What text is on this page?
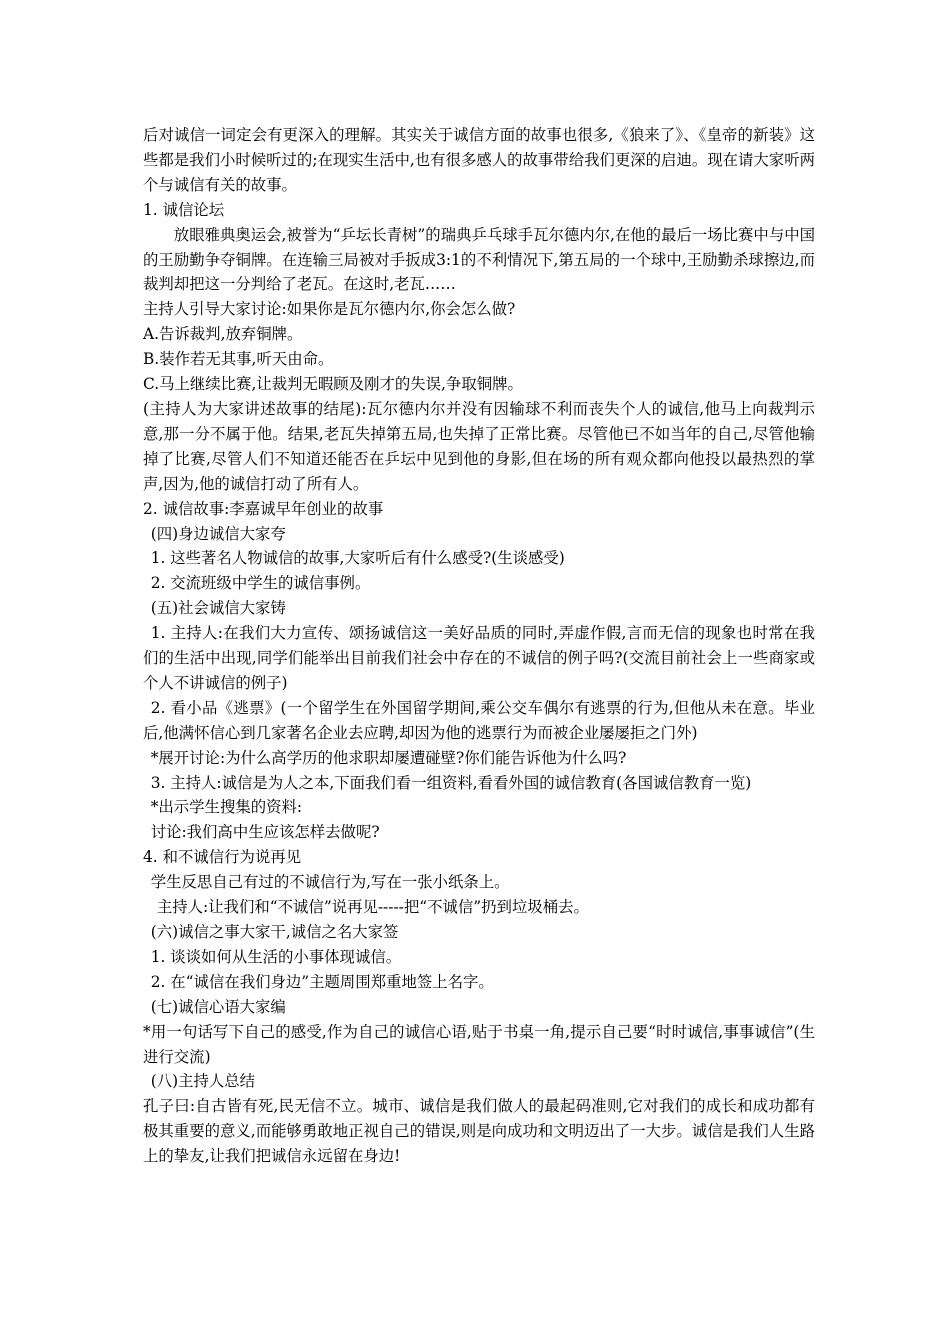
后对诚信一词定会有更深入的理解。其实关于诚信方面的故事也很多,《狼来了》、《皇帝的新装》这些都是我们小时候听过的;在现实生活中,也有很多感人的故事带给我们更深的启迪。现在请大家听两个与诚信有关的故事。

1. 诚信论坛

放眼雅典奥运会,被誉为“乒坛长青树”的瑞典乒乓球手瓦尔德内尔,在他的最后一场比赛中与中国的王励勤争夺铜牌。在连输三局被对手扳成3:1的不利情况下,第五局的一个球中,王励勤杀球擦边,而裁判却把这一分判给了老瓦。在这时,老瓦……

主持人引导大家讨论:如果你是瓦尔德内尔,你会怎么做?

A.告诉裁判,放弃铜牌。

B.装作若无其事,听天由命。

C.马上继续比赛,让裁判无暇顾及刚才的失误,争取铜牌。

(主持人为大家讲述故事的结尾):瓦尔德内尔并没有因输球不利而丧失个人的诚信,他马上向裁判示意,那一分不属于他。结果,老瓦失掉第五局,也失掉了正常比赛。尽管他已不如当年的自己,尽管他输掉了比赛,尽管人们不知道还能否在乒坛中见到他的身影,但在场的所有观众都向他投以最热烈的掌声,因为,他的诚信打动了所有人。

2. 诚信故事:李嘉诚早年创业的故事

(四)身边诚信大家夸

1. 这些著名人物诚信的故事,大家听后有什么感受?(生谈感受)

2. 交流班级中学生的诚信事例。

(五)社会诚信大家铸

1. 主持人:在我们大力宣传、颂扬诚信这一美好品质的同时,弄虚作假,言而无信的现象也时常在我们的生活中出现,同学们能举出目前我们社会中存在的不诚信的例子吗?(交流目前社会上一些商家或个人不讲诚信的例子)

2. 看小品《逃票》(一个留学生在外国留学期间,乘公交车偶尔有逃票的行为,但他从未在意。毕业后,他满怀信心到几家著名企业去应聘,却因为他的逃票行为而被企业屡屡拒之门外)

*展开讨论:为什么高学历的他求职却屡遭碰壁?你们能告诉他为什么吗?

3. 主持人:诚信是为人之本,下面我们看一组资料,看看外国的诚信教育(各国诚信教育一览)

*出示学生搜集的资料:

讨论:我们高中生应该怎样去做呢?

4. 和不诚信行为说再见

学生反思自己有过的不诚信行为,写在一张小纸条上。

主持人:让我们和“不诚信”说再见-----把“不诚信”扔到垃圾桶去。

(六)诚信之事大家干,诚信之名大家签

1. 谈谈如何从生活的小事体现诚信。

2. 在“诚信在我们身边”主题周围郑重地签上名字。

(七)诚信心语大家编

*用一句话写下自己的感受,作为自己的诚信心语,贴于书桌一角,提示自己要“时时诚信,事事诚信”(生进行交流)

(八)主持人总结

孔子曰:自古皆有死,民无信不立。城市、诚信是我们做人的最起码准则,它对我们的成长和成功都有极其重要的意义,而能够勇敢地正视自己的错误,则是向成功和文明迈出了一大步。诚信是我们人生路上的挚友,让我们把诚信永远留在身边!
